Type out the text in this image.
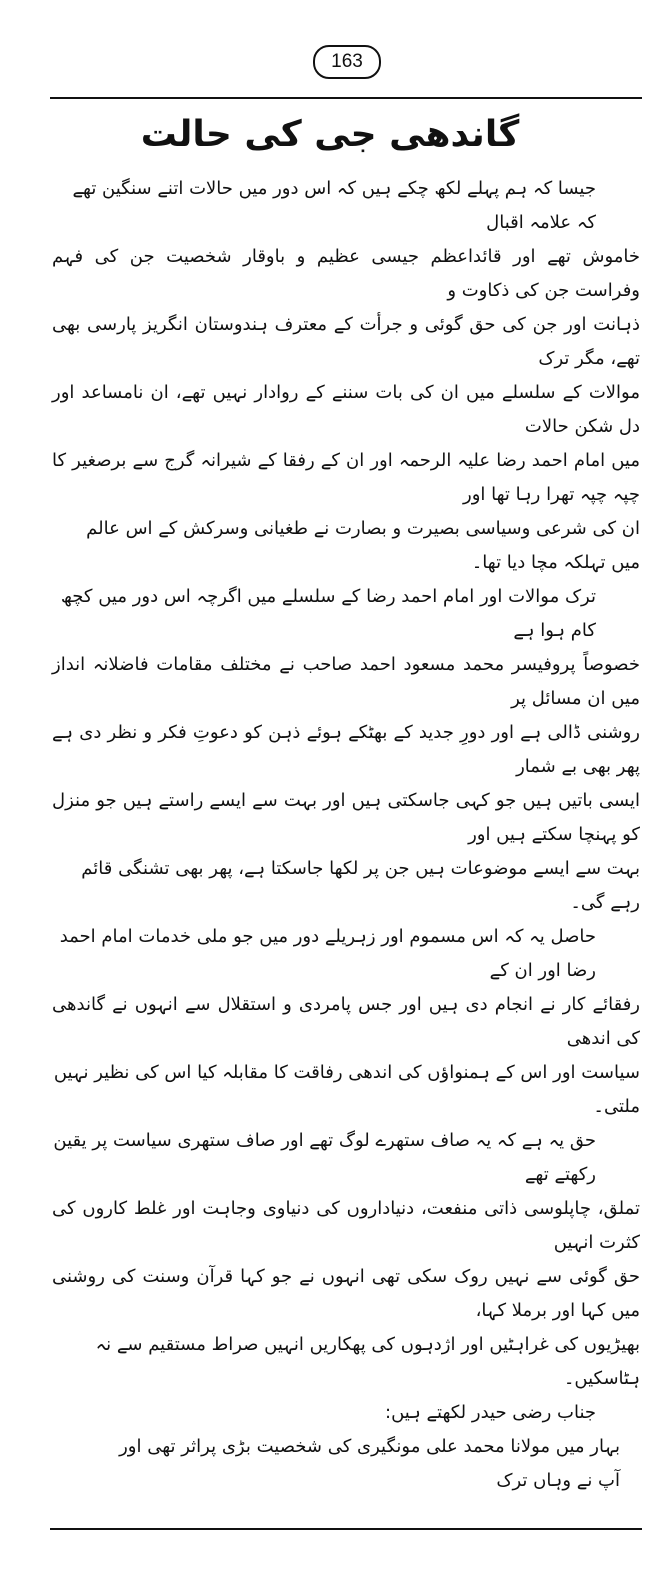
163
گاندھی جی کی حالت
جیسا کہ ہم پہلے لکھ چکے ہیں کہ اس دور میں حالات اتنے سنگین تھے کہ علامہ اقبال
خاموش تھے اور قائداعظم جیسی عظیم و باوقار شخصیت جن کی فہم وفراست جن کی ذکاوت و
ذہانت اور جن کی حق گوئی و جرأت کے معترف ہندوستان انگریز پارسی بھی تھے، مگر ترک
موالات کے سلسلے میں ان کی بات سننے کے روادار نہیں تھے، ان نامساعد اور دل شکن حالات
میں امام احمد رضا علیہ الرحمہ اور ان کے رفقا کے شیرانہ گرج سے برصغیر کا چپہ چپہ تھرا رہا تھا اور
ان کی شرعی وسیاسی بصیرت و بصارت نے طغیانی وسرکش کے اس عالم میں تہلکہ مچا دیا تھا۔
ترک موالات اور امام احمد رضا کے سلسلے میں اگرچہ اس دور میں کچھ کام ہوا ہے
خصوصاً پروفیسر محمد مسعود احمد صاحب نے مختلف مقامات فاضلانہ انداز میں ان مسائل پر
روشنی ڈالی ہے اور دورِ جدید کے بھٹکے ہوئے ذہن کو دعوتِ فکر و نظر دی ہے پھر بھی بے شمار
ایسی باتیں ہیں جو کہی جاسکتی ہیں اور بہت سے ایسے راستے ہیں جو منزل کو پہنچا سکتے ہیں اور
بہت سے ایسے موضوعات ہیں جن پر لکھا جاسکتا ہے، پھر بھی تشنگی قائم رہے گی۔
حاصل یہ کہ اس مسموم اور زہریلے دور میں جو ملی خدمات امام احمد رضا اور ان کے
رفقائے کار نے انجام دی ہیں اور جس پامردی و استقلال سے انہوں نے گاندھی کی اندھی
سیاست اور اس کے ہمنواؤں کی اندھی رفاقت کا مقابلہ کیا اس کی نظیر نہیں ملتی۔
حق یہ ہے کہ یہ صاف ستھرے لوگ تھے اور صاف ستھری سیاست پر یقین رکھتے تھے
تملق، چاپلوسی ذاتی منفعت، دنیاداروں کی دنیاوی وجاہت اور غلط کاروں کی کثرت انہیں
حق گوئی سے نہیں روک سکی تھی انہوں نے جو کہا قرآن وسنت کی روشنی میں کہا اور برملا کہا،
بھیڑیوں کی غراہٹیں اور اژدہوں کی پھکاریں انہیں صراط مستقیم سے نہ ہٹاسکیں۔
جناب رضی حیدر لکھتے ہیں:
بہار میں مولانا محمد علی مونگیری کی شخصیت بڑی پراثر تھی اور آپ نے وہاں ترک
